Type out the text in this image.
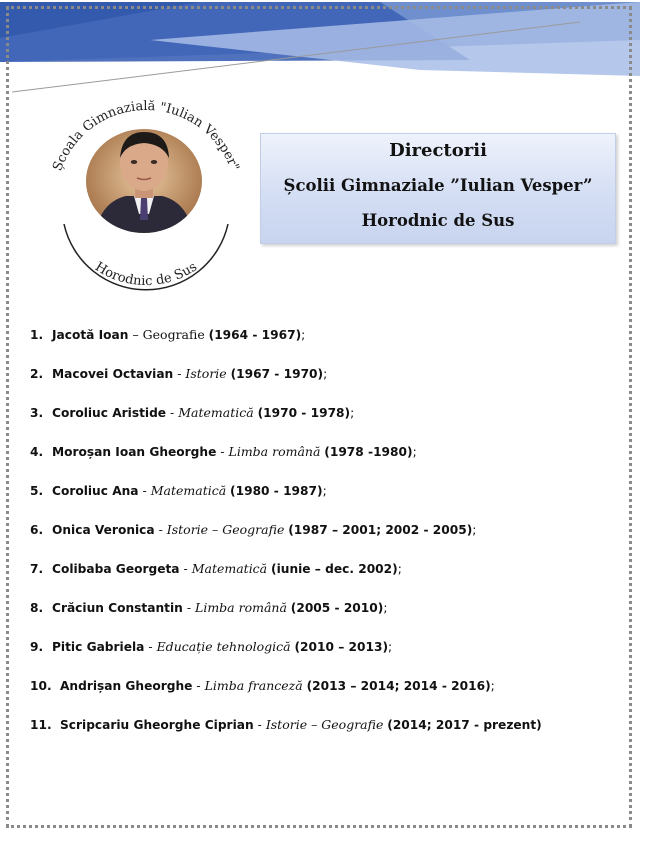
Școala Gimnazială "Iulian Vesper"
Horodnic de Sus
Directorii
Școlii Gimnaziale ”Iulian Vesper”
Horodnic de Sus
1. Jacotă Ioan – Geografie (1964 - 1967);
2. Macovei Octavian - Istorie (1967 - 1970);
3. Coroliuc Aristide - Matematică (1970 - 1978);
4. Moroșan Ioan Gheorghe - Limba română (1978 -1980);
5. Coroliuc Ana - Matematică (1980 - 1987);
6. Onica Veronica - Istorie – Geografie (1987 – 2001; 2002 - 2005);
7. Colibaba Georgeta - Matematică (iunie – dec. 2002);
8. Crăciun Constantin - Limba română (2005 - 2010);
9. Pitic Gabriela - Educație tehnologică (2010 – 2013);
10. Andrișan Gheorghe - Limba franceză (2013 – 2014; 2014 - 2016);
11. Scripcariu Gheorghe Ciprian - Istorie – Geografie (2014; 2017 - prezent)
